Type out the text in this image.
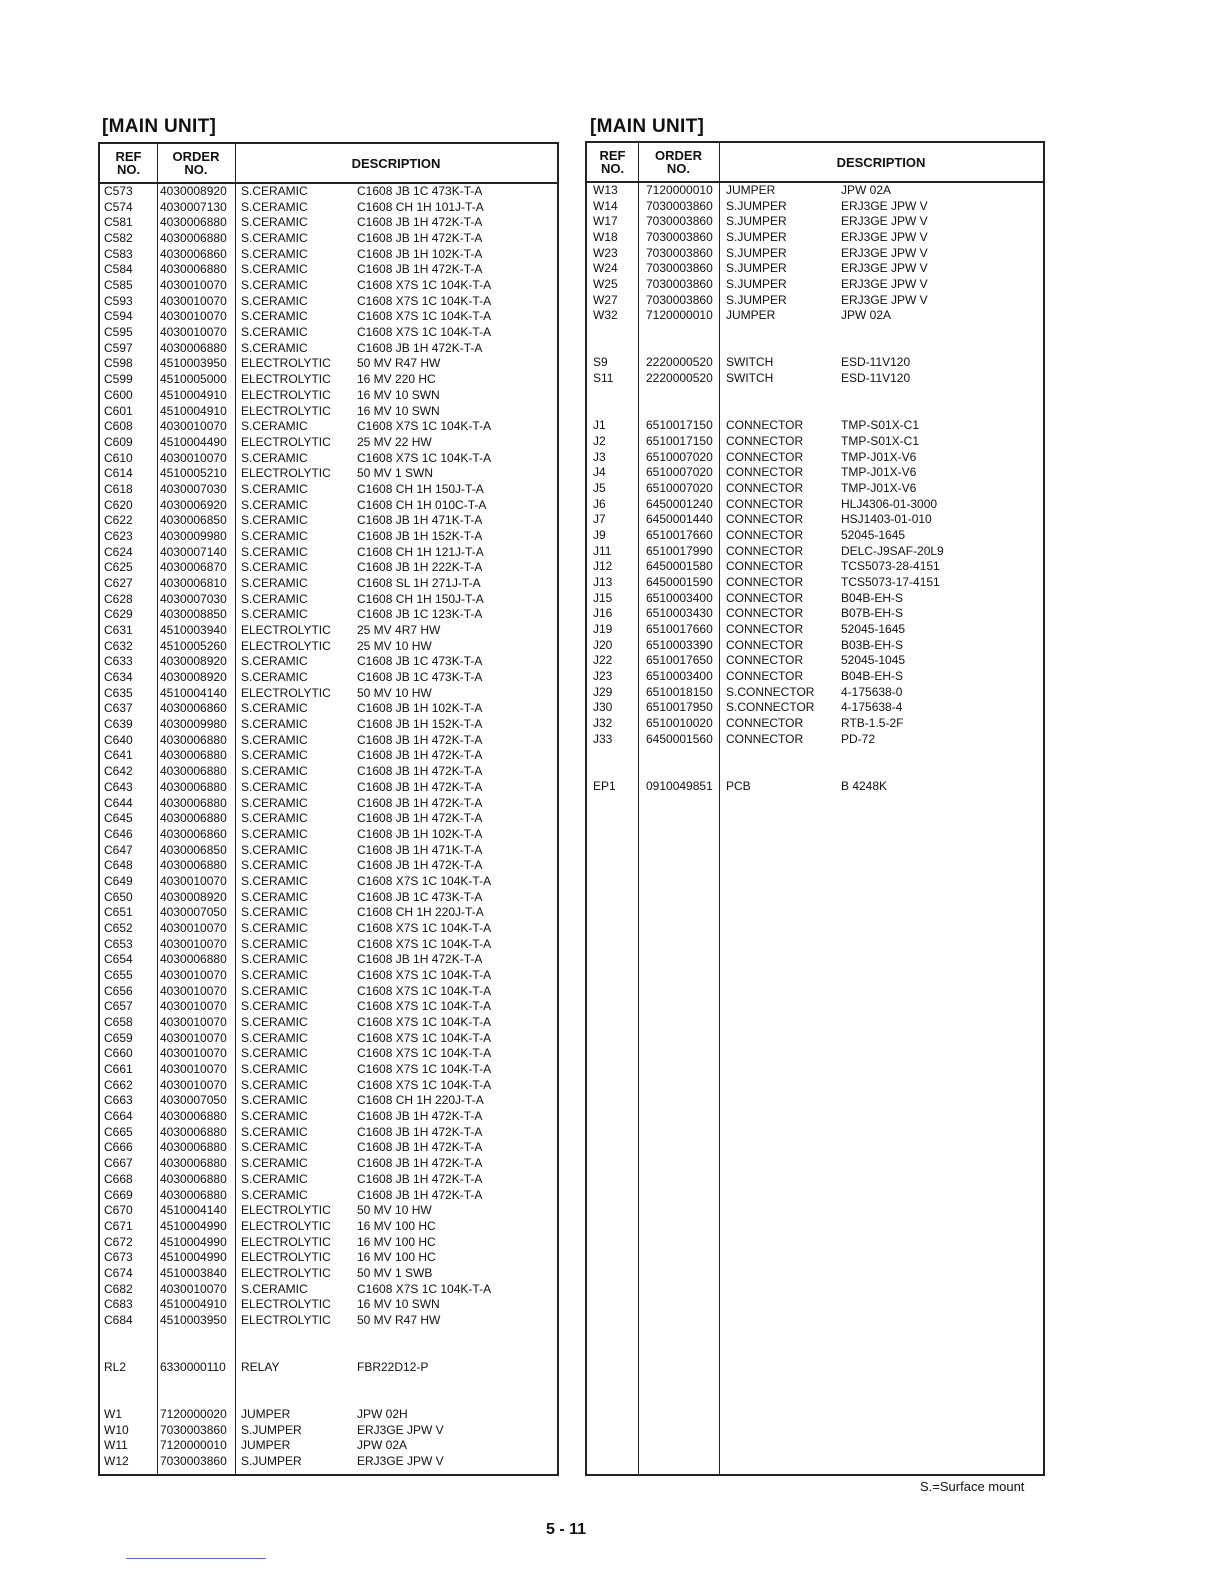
[MAIN UNIT]
REF
NO.
ORDER
NO.	DESCRIPTION
C573 4030008920 S.CERAMIC	C1608 JB 1C 473K-T-A
C574 4030007130 S.CERAMIC	C1608 CH 1H 101J-T-A
C581 4030006880 S.CERAMIC	C1608 JB 1H 472K-T-A
C582 4030006880 S.CERAMIC	C1608 JB 1H 472K-T-A
C583 4030006860 S.CERAMIC	C1608 JB 1H 102K-T-A
C584 4030006880 S.CERAMIC	C1608 JB 1H 472K-T-A
C585 4030010070 S.CERAMIC	C1608 X7S 1C 104K-T-A
C593 4030010070 S.CERAMIC	C1608 X7S 1C 104K-T-A
C594 4030010070 S.CERAMIC	C1608 X7S 1C 104K-T-A
C595 4030010070 S.CERAMIC	C1608 X7S 1C 104K-T-A
C597 4030006880 S.CERAMIC	C1608 JB 1H 472K-T-A
C598 4510003950 ELECTROLYTIC 50 MV R47 HW
C599 4510005000 ELECTROLYTIC 16 MV 220 HC
C600 4510004910 ELECTROLYTIC 16 MV 10 SWN
C601 4510004910 ELECTROLYTIC 16 MV 10 SWN
C608 4030010070 S.CERAMIC	C1608 X7S 1C 104K-T-A
C609 4510004490 ELECTROLYTIC 25 MV 22 HW
C610 4030010070 S.CERAMIC	C1608 X7S 1C 104K-T-A
C614 4510005210 ELECTROLYTIC 50 MV 1 SWN
C618 4030007030 S.CERAMIC	C1608 CH 1H 150J-T-A
C620 4030006920 S.CERAMIC	C1608 CH 1H 010C-T-A
C622 4030006850 S.CERAMIC	C1608 JB 1H 471K-T-A
C623 4030009980 S.CERAMIC	C1608 JB 1H 152K-T-A
C624 4030007140 S.CERAMIC	C1608 CH 1H 121J-T-A
C625 4030006870 S.CERAMIC	C1608 JB 1H 222K-T-A
C627 4030006810 S.CERAMIC	C1608 SL 1H 271J-T-A
C628 4030007030 S.CERAMIC	C1608 CH 1H 150J-T-A
C629 4030008850 S.CERAMIC	C1608 JB 1C 123K-T-A
C631 4510003940 ELECTROLYTIC 25 MV 4R7 HW
C632 4510005260 ELECTROLYTIC 25 MV 10 HW
C633 4030008920 S.CERAMIC	C1608 JB 1C 473K-T-A
C634 4030008920 S.CERAMIC	C1608 JB 1C 473K-T-A
C635 4510004140 ELECTROLYTIC 50 MV 10 HW
C637 4030006860 S.CERAMIC	C1608 JB 1H 102K-T-A
C639 4030009980 S.CERAMIC	C1608 JB 1H 152K-T-A
C640 4030006880 S.CERAMIC	C1608 JB 1H 472K-T-A
C641 4030006880 S.CERAMIC	C1608 JB 1H 472K-T-A
C642 4030006880 S.CERAMIC	C1608 JB 1H 472K-T-A
C643 4030006880 S.CERAMIC	C1608 JB 1H 472K-T-A
C644 4030006880 S.CERAMIC	C1608 JB 1H 472K-T-A
C645 4030006880 S.CERAMIC	C1608 JB 1H 472K-T-A
C646 4030006860 S.CERAMIC	C1608 JB 1H 102K-T-A
C647 4030006850 S.CERAMIC	C1608 JB 1H 471K-T-A
C648 4030006880 S.CERAMIC	C1608 JB 1H 472K-T-A
C649 4030010070 S.CERAMIC	C1608 X7S 1C 104K-T-A
C650 4030008920 S.CERAMIC	C1608 JB 1C 473K-T-A
C651 4030007050 S.CERAMIC	C1608 CH 1H 220J-T-A
C652 4030010070 S.CERAMIC	C1608 X7S 1C 104K-T-A
C653 4030010070 S.CERAMIC	C1608 X7S 1C 104K-T-A
C654 4030006880 S.CERAMIC	C1608 JB 1H 472K-T-A
C655 4030010070 S.CERAMIC	C1608 X7S 1C 104K-T-A
C656 4030010070 S.CERAMIC	C1608 X7S 1C 104K-T-A
C657 4030010070 S.CERAMIC	C1608 X7S 1C 104K-T-A
C658 4030010070 S.CERAMIC	C1608 X7S 1C 104K-T-A
C659 4030010070 S.CERAMIC	C1608 X7S 1C 104K-T-A
C660 4030010070 S.CERAMIC	C1608 X7S 1C 104K-T-A
C661 4030010070 S.CERAMIC	C1608 X7S 1C 104K-T-A
C662 4030010070 S.CERAMIC	C1608 X7S 1C 104K-T-A
C663 4030007050 S.CERAMIC	C1608 CH 1H 220J-T-A
C664 4030006880 S.CERAMIC	C1608 JB 1H 472K-T-A
C665 4030006880 S.CERAMIC	C1608 JB 1H 472K-T-A
C666 4030006880 S.CERAMIC	C1608 JB 1H 472K-T-A
C667 4030006880 S.CERAMIC	C1608 JB 1H 472K-T-A
C668 4030006880 S.CERAMIC	C1608 JB 1H 472K-T-A
C669 4030006880 S.CERAMIC	C1608 JB 1H 472K-T-A
C670 4510004140 ELECTROLYTIC 50 MV 10 HW
C671 4510004990 ELECTROLYTIC 16 MV 100 HC
C672 4510004990 ELECTROLYTIC 16 MV 100 HC
C673 4510004990 ELECTROLYTIC 16 MV 100 HC
C674 4510003840 ELECTROLYTIC 50 MV 1 SWB
C682 4030010070 S.CERAMIC	C1608 X7S 1C 104K-T-A
C683 4510004910 ELECTROLYTIC 16 MV 10 SWN
C684 4510003950 ELECTROLYTIC 50 MV R47 HW
RL2	6330000110 RELAY	FBR22D12-P
W1	7120000020 JUMPER	JPW 02H
W10	7030003860 S.JUMPER	ERJ3GE JPW V
W11	7120000010 JUMPER	JPW 02A
W12	7030003860 S.JUMPER	ERJ3GE JPW V
[MAIN UNIT]
REF
NO.
ORDER
NO.	DESCRIPTION
W13 7120000010 JUMPER	JPW 02A
W14 7030003860 S.JUMPER	ERJ3GE JPW V
W17 7030003860 S.JUMPER	ERJ3GE JPW V
W18 7030003860 S.JUMPER	ERJ3GE JPW V
W23 7030003860 S.JUMPER	ERJ3GE JPW V
W24 7030003860 S.JUMPER	ERJ3GE JPW V
W25 7030003860 S.JUMPER	ERJ3GE JPW V
W27 7030003860 S.JUMPER	ERJ3GE JPW V
W32 7120000010 JUMPER	JPW 02A
S9	2220000520 SWITCH	ESD-11V120
S11	2220000520 SWITCH	ESD-11V120
J1	6510017150 CONNECTOR	TMP-S01X-C1
J2	6510017150 CONNECTOR	TMP-S01X-C1
J3	6510007020 CONNECTOR	TMP-J01X-V6
J4	6510007020 CONNECTOR	TMP-J01X-V6
J5	6510007020 CONNECTOR	TMP-J01X-V6
J6	6450001240 CONNECTOR	HLJ4306-01-3000
J7	6450001440 CONNECTOR	HSJ1403-01-010
J9	6510017660 CONNECTOR	52045-1645
J11	6510017990 CONNECTOR	DELC-J9SAF-20L9
J12	6450001580 CONNECTOR	TCS5073-28-4151
J13	6450001590 CONNECTOR	TCS5073-17-4151
J15	6510003400 CONNECTOR	B04B-EH-S
J16	6510003430 CONNECTOR	B07B-EH-S
J19	6510017660 CONNECTOR	52045-1645
J20	6510003390 CONNECTOR	B03B-EH-S
J22	6510017650 CONNECTOR	52045-1045
J23	6510003400 CONNECTOR	B04B-EH-S
J29	6510018150 S.CONNECTOR 4-175638-0
J30	6510017950 S.CONNECTOR 4-175638-4
J32	6510010020 CONNECTOR	RTB-1.5-2F
J33	6450001560 CONNECTOR	PD-72
EP1	0910049851 PCB	B 4248K
S.=Surface mount
5 - 11
